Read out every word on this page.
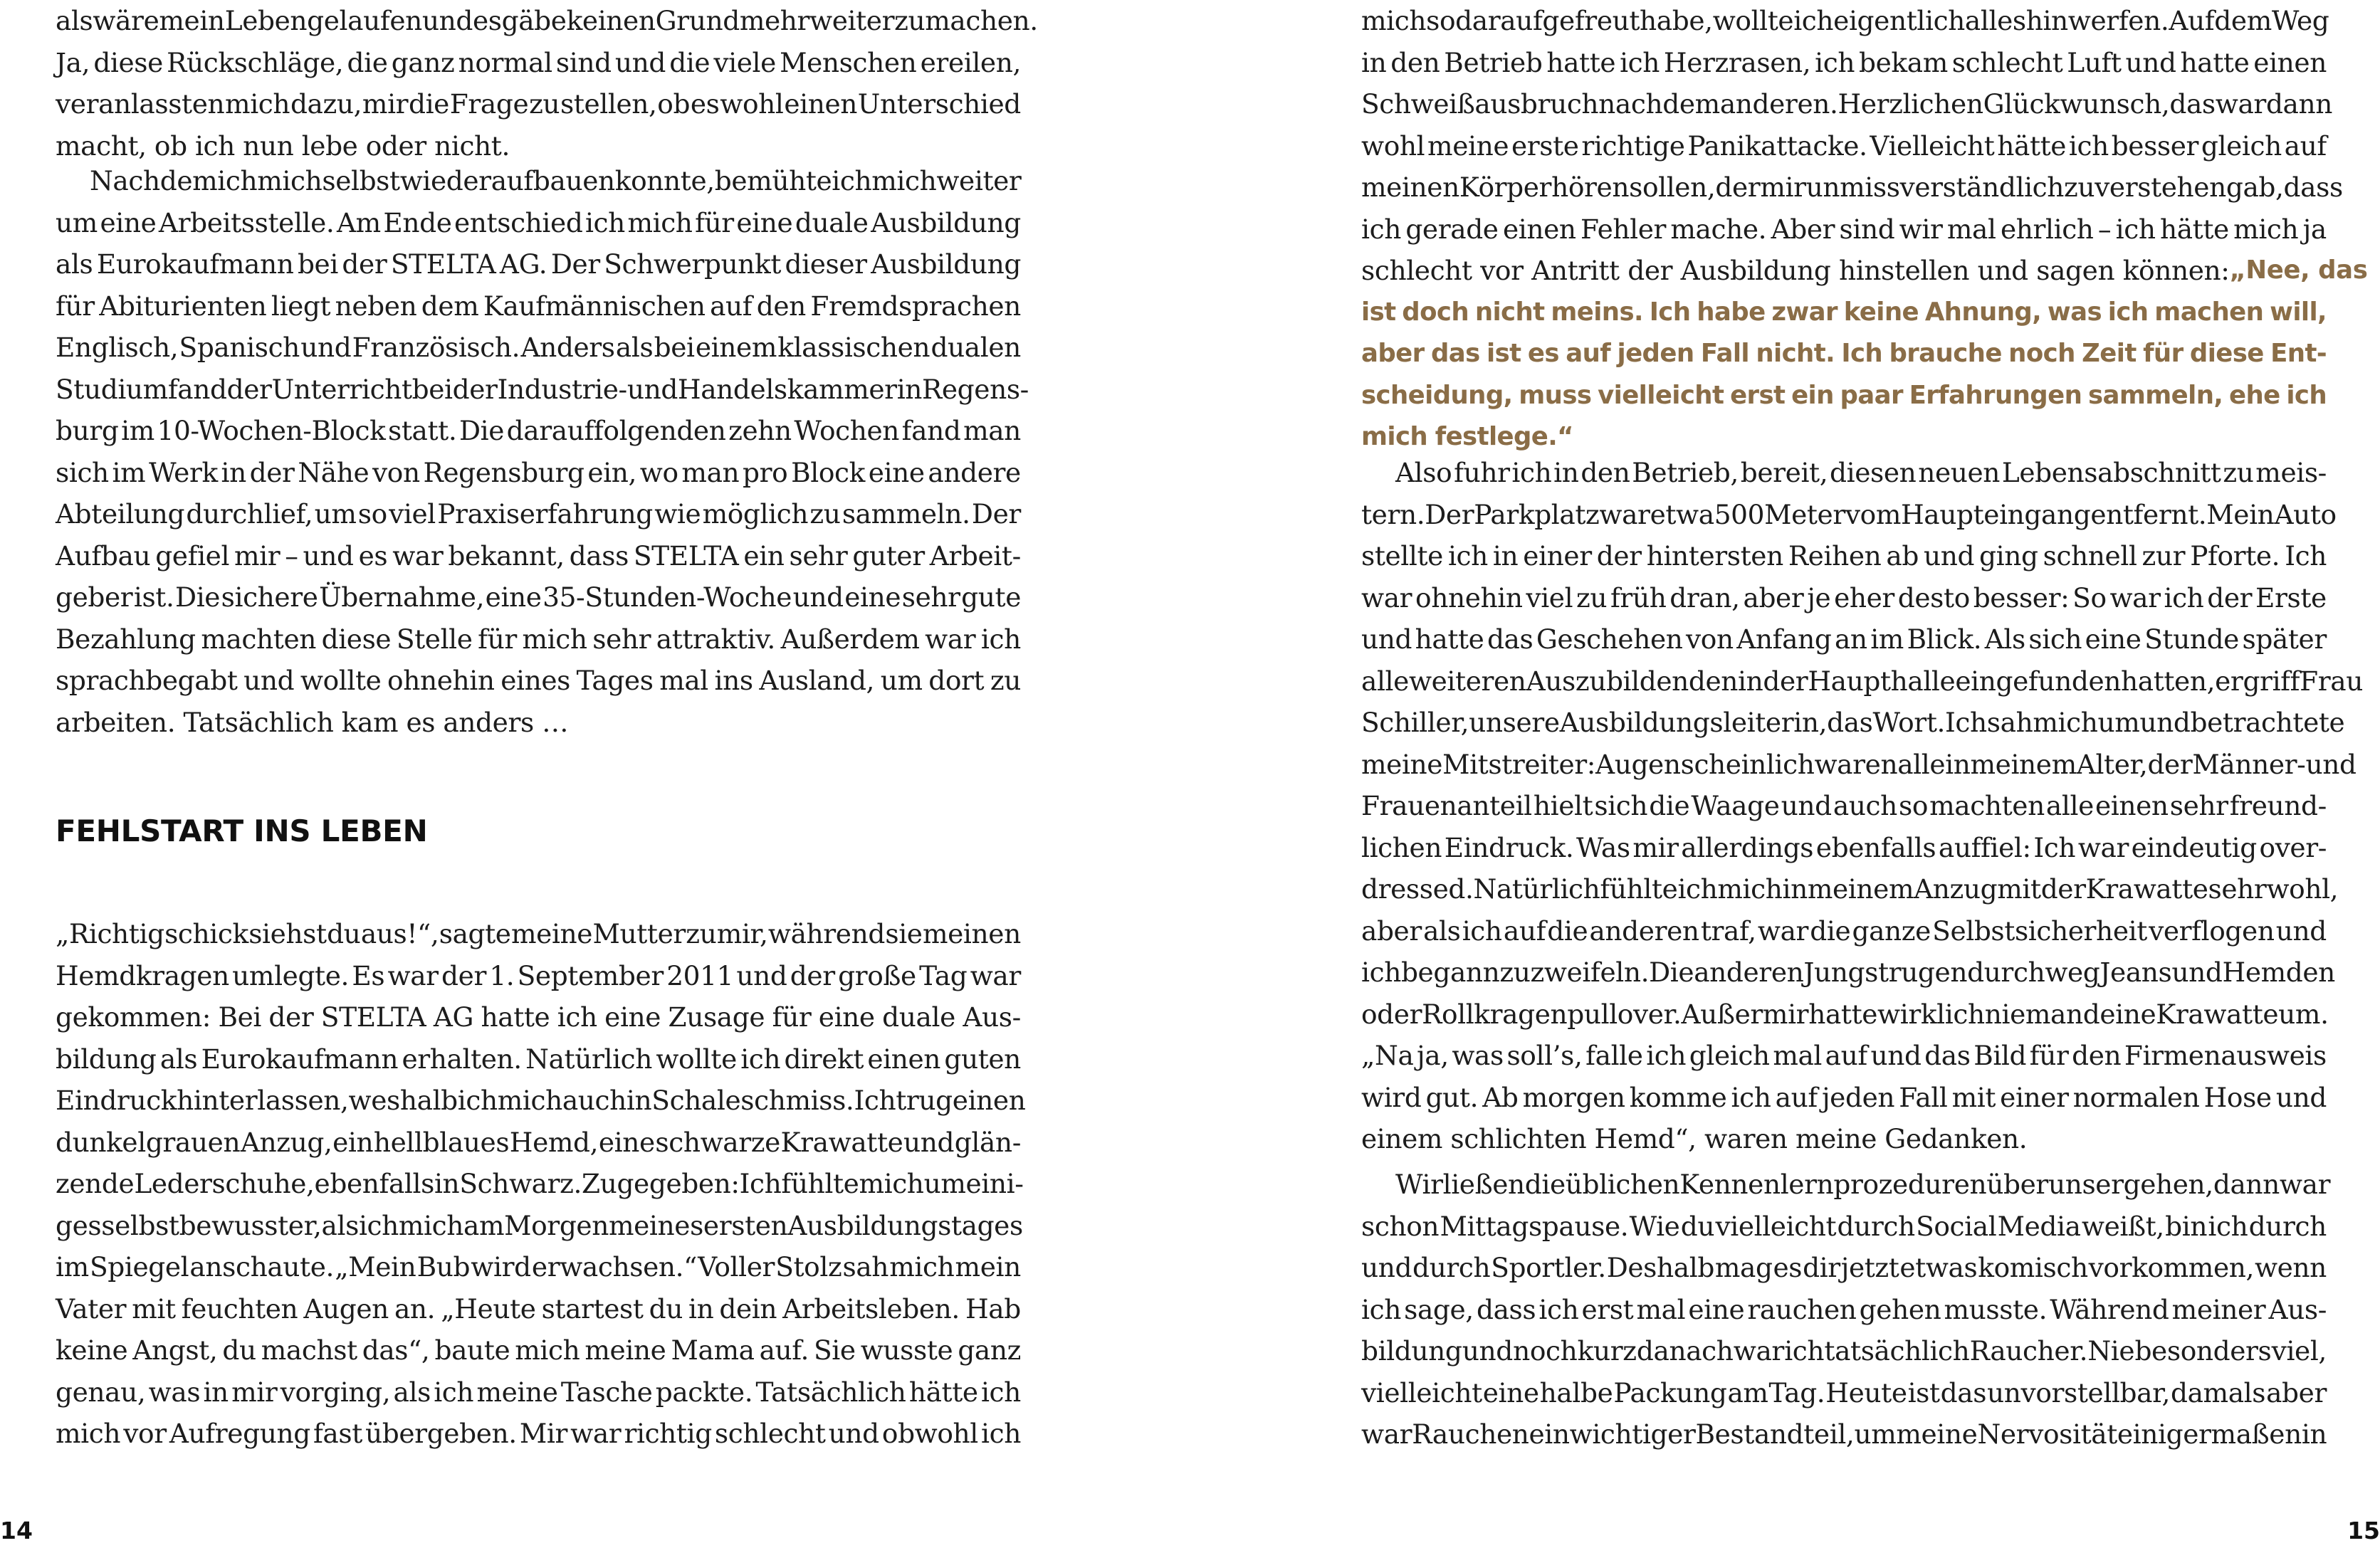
als wäre mein Leben gelaufen und es gäbe keinen Grund mehr weiterzumachen.
Ja, diese Rückschläge, die ganz normal sind und die viele Menschen ereilen,
veranlassten mich dazu, mir die Frage zu stellen, ob es wohl einen Unterschied
macht, ob ich nun lebe oder nicht.
Nachdem ich mich selbst wieder aufbauen konnte, bemühte ich mich weiter
um eine Arbeitsstelle. Am Ende entschied ich mich für eine duale Ausbildung
als Eurokaufmann bei der STELTA AG. Der Schwerpunkt dieser Ausbildung
für Abiturienten liegt neben dem Kaufmännischen auf den Fremdsprachen
Englisch, Spanisch und Französisch. Anders als bei einem klassischen dualen
Studium fand der Unterricht bei der Industrie- und Handelskammer in Regens-
burg im 10-Wochen-Block statt. Die darauffolgenden zehn Wochen fand man
sich im Werk in der Nähe von Regensburg ein, wo man pro Block eine andere
Abteilung durchlief, um so viel Praxiserfahrung wie möglich zu sammeln. Der
Aufbau gefiel mir – und es war bekannt, dass STELTA ein sehr guter Arbeit-
geber ist. Die sichere Übernahme, eine 35-Stunden-Woche und eine sehr gute
Bezahlung machten diese Stelle für mich sehr attraktiv. Außerdem war ich
sprachbegabt und wollte ohnehin eines Tages mal ins Ausland, um dort zu
arbeiten. Tatsächlich kam es anders …
FEHLSTART INS LEBEN
„Richtig schick siehst du aus!“, sagte meine Mutter zu mir, während sie meinen
Hemdkragen umlegte. Es war der 1. September 2011 und der große Tag war
gekommen: Bei der STELTA AG hatte ich eine Zusage für eine duale Aus-
bildung als Eurokaufmann erhalten. Natürlich wollte ich direkt einen guten
Eindruck hinterlassen, weshalb ich mich auch in Schale schmiss. Ich trug einen
dunkelgrauen Anzug, ein hellblaues Hemd, eine schwarze Krawatte und glän-
zende Lederschuhe, ebenfalls in Schwarz. Zugegeben: Ich fühlte mich um eini-
ges selbstbewusster, als ich mich am Morgen meines ersten Ausbildungstages
im Spiegel anschaute. „Mein Bub wird erwachsen.“ Voller Stolz sah mich mein
Vater mit feuchten Augen an. „Heute startest du in dein Arbeitsleben. Hab
keine Angst, du machst das“, baute mich meine Mama auf. Sie wusste ganz
genau, was in mir vorging, als ich meine Tasche packte. Tatsächlich hätte ich
mich vor Aufregung fast übergeben. Mir war richtig schlecht und obwohl ich
14
mich so darauf gefreut habe, wollte ich eigentlich alles hinwerfen. Auf dem Weg
in den Betrieb hatte ich Herzrasen, ich bekam schlecht Luft und hatte einen
Schweißausbruch nach dem anderen. Herzlichen Glückwunsch, das war dann
wohl meine erste richtige Panikattacke. Vielleicht hätte ich besser gleich auf
meinen Körper hören sollen, der mir unmissverständlich zu verstehen gab, dass
ich gerade einen Fehler mache. Aber sind wir mal ehrlich – ich hätte mich ja
schlecht vor Antritt der Ausbildung hinstellen und sagen können: „Nee, das
ist doch nicht meins. Ich habe zwar keine Ahnung, was ich machen will,
aber das ist es auf jeden Fall nicht. Ich brauche noch Zeit für diese Ent-
scheidung, muss vielleicht erst ein paar Erfahrungen sammeln, ehe ich
mich festlege.“
Also fuhr ich in den Betrieb, bereit, diesen neuen Lebensabschnitt zu meis-
tern. Der Parkplatz war etwa 500 Meter vom Haupteingang entfernt. Mein Auto
stellte ich in einer der hintersten Reihen ab und ging schnell zur Pforte. Ich
war ohnehin viel zu früh dran, aber je eher desto besser: So war ich der Erste
und hatte das Geschehen von Anfang an im Blick. Als sich eine Stunde später
alle weiteren Auszubildenden in der Haupthalle eingefunden hatten, ergriff Frau
Schiller, unsere Ausbildungsleiterin, das Wort. Ich sah mich um und betrachtete
meine Mitstreiter: Augenscheinlich waren alle in meinem Alter, der Männer- und
Frauenanteil hielt sich die Waage und auch so machten alle einen sehr freund-
lichen Eindruck. Was mir allerdings ebenfalls auffiel: Ich war eindeutig over-
dressed. Natürlich fühlte ich mich in meinem Anzug mit der Krawatte sehr wohl,
aber als ich auf die anderen traf, war die ganze Selbstsicherheit verflogen und
ich begann zu zweifeln. Die anderen Jungs trugen durchweg Jeans und Hemden
oder Rollkragenpullover. Außer mir hatte wirklich niemand eine Krawatte um.
„Na ja, was soll’s, falle ich gleich mal auf und das Bild für den Firmenausweis
wird gut. Ab morgen komme ich auf jeden Fall mit einer normalen Hose und
einem schlichten Hemd“, waren meine Gedanken.
Wir ließen die üblichen Kennenlernprozeduren über uns ergehen, dann war
schon Mittagspause. Wie du vielleicht durch Social Media weißt, bin ich durch
und durch Sportler. Deshalb mag es dir jetzt etwas komisch vorkommen, wenn
ich sage, dass ich erst mal eine rauchen gehen musste. Während meiner Aus-
bildung und noch kurz danach war ich tatsächlich Raucher. Nie besonders viel,
vielleicht eine halbe Packung am Tag. Heute ist das unvorstellbar, damals aber
war Rauchen ein wichtiger Bestandteil, um meine Nervosität einigermaßen in
15
